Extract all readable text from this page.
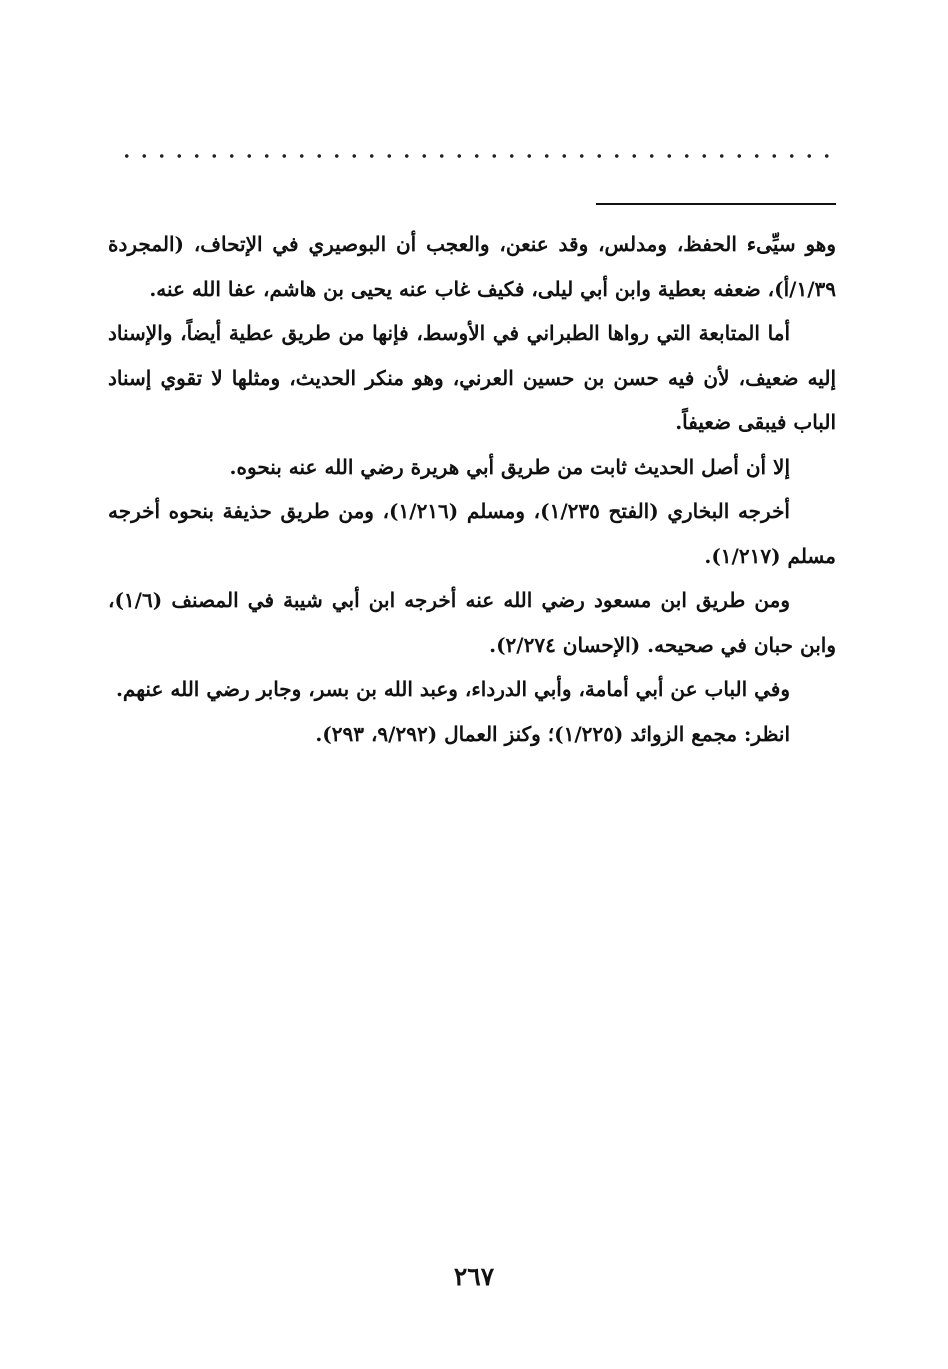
وهو سيِّىء الحفظ، ومدلس، وقد عنعن، والعجب أن البوصيري في الإتحاف، (المجردة ١/٣٩/أ)، ضعفه بعطية وابن أبي ليلى، فكيف غاب عنه يحيى بن هاشم، عفا الله عنه.

أما المتابعة التي رواها الطبراني في الأوسط، فإنها من طريق عطية أيضاً، والإسناد إليه ضعيف، لأن فيه حسن بن حسين العرني، وهو منكر الحديث، ومثلها لا تقوي إسناد الباب فيبقى ضعيفاً.

إلا أن أصل الحديث ثابت من طريق أبي هريرة رضي الله عنه بنحوه.

أخرجه البخاري (الفتح ١/٢٣٥)، ومسلم (١/٢١٦)، ومن طريق حذيفة بنحوه أخرجه مسلم (١/٢١٧).

ومن طريق ابن مسعود رضي الله عنه أخرجه ابن أبي شيبة في المصنف (١/٦)، وابن حبان في صحيحه. (الإحسان ٢/٢٧٤).

وفي الباب عن أبي أمامة، وأبي الدرداء، وعبد الله بن بسر، وجابر رضي الله عنهم.

انظر: مجمع الزوائد (١/٢٢٥)؛ وكنز العمال (٩/٢٩٢، ٢٩٣).

٢٦٧
